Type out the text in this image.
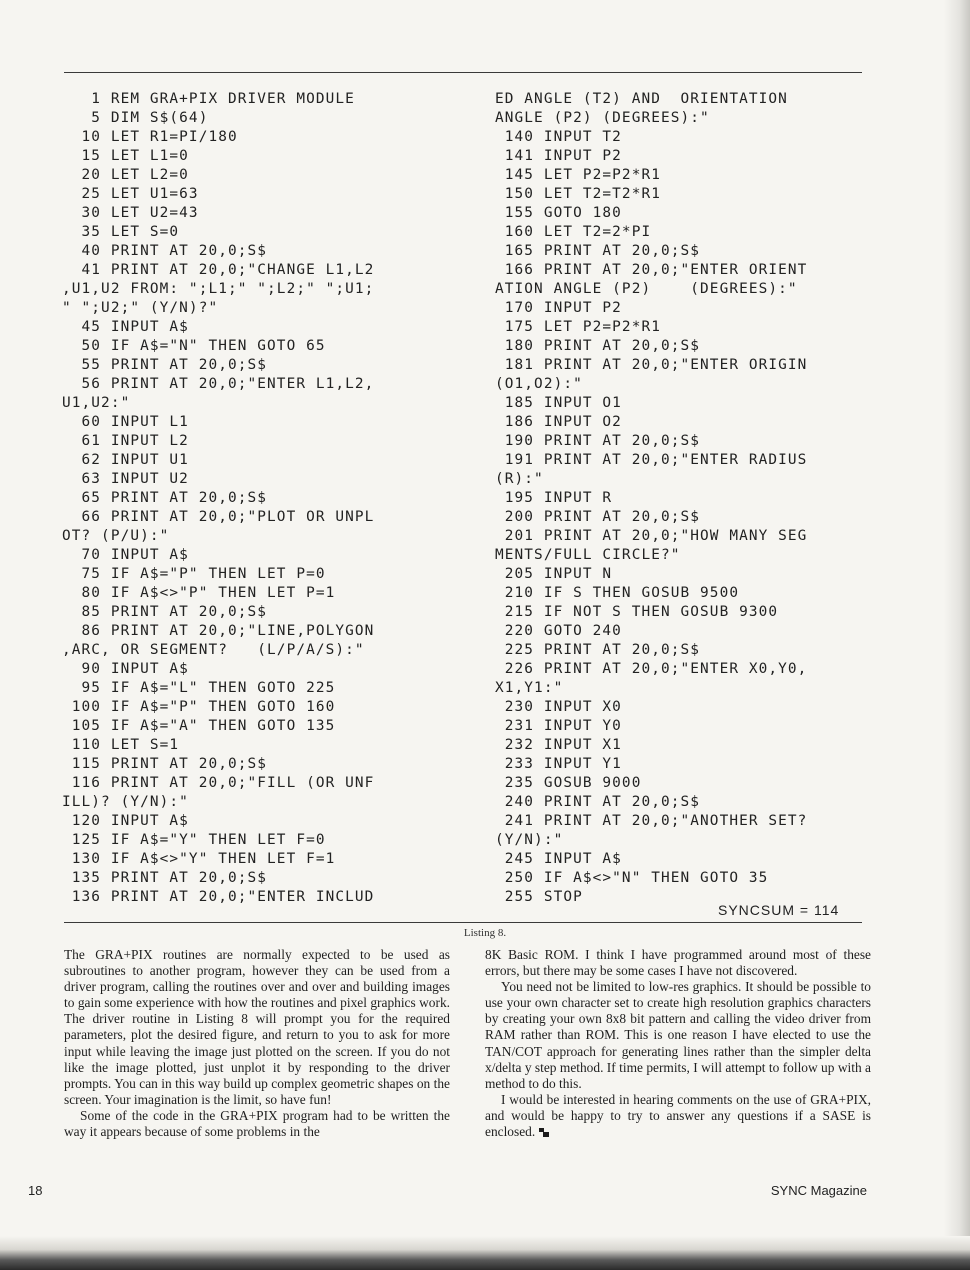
1 REM GRA+PIX DRIVER MODULE
5 DIM S$(64)
10 LET R1=PI/180
15 LET L1=0
20 LET L2=0
25 LET U1=63
30 LET U2=43
35 LET S=0
40 PRINT AT 20,0;S$
41 PRINT AT 20,0;"CHANGE L1,L2
,U1,U2 FROM: ";L1;" ";L2;" ";U1;
" ";U2;" (Y/N)?"
45 INPUT A$
50 IF A$="N" THEN GOTO 65
55 PRINT AT 20,0;S$
56 PRINT AT 20,0;"ENTER L1,L2,
U1,U2:"
60 INPUT L1
61 INPUT L2
62 INPUT U1
63 INPUT U2
65 PRINT AT 20,0;S$
66 PRINT AT 20,0;"PLOT OR UNPL
OT? (P/U):"
70 INPUT A$
75 IF A$="P" THEN LET P=0
80 IF A$<>"P" THEN LET P=1
85 PRINT AT 20,0;S$
86 PRINT AT 20,0;"LINE,POLYGON
,ARC, OR SEGMENT?   (L/P/A/S):"
90 INPUT A$
95 IF A$="L" THEN GOTO 225
100 IF A$="P" THEN GOTO 160
105 IF A$="A" THEN GOTO 135
110 LET S=1
115 PRINT AT 20,0;S$
116 PRINT AT 20,0;"FILL (OR UNF
ILL)? (Y/N):"
120 INPUT A$
125 IF A$="Y" THEN LET F=0
130 IF A$<>"Y" THEN LET F=1
135 PRINT AT 20,0;S$
136 PRINT AT 20,0;"ENTER INCLUD
ED ANGLE (T2) AND  ORIENTATION
ANGLE (P2) (DEGREES):"
140 INPUT T2
141 INPUT P2
145 LET P2=P2*R1
150 LET T2=T2*R1
155 GOTO 180
160 LET T2=2*PI
165 PRINT AT 20,0;S$
166 PRINT AT 20,0;"ENTER ORIENT
ATION ANGLE (P2)    (DEGREES):"
170 INPUT P2
175 LET P2=P2*R1
180 PRINT AT 20,0;S$
181 PRINT AT 20,0;"ENTER ORIGIN
(O1,O2):"
185 INPUT O1
186 INPUT O2
190 PRINT AT 20,0;S$
191 PRINT AT 20,0;"ENTER RADIUS
(R):"
195 INPUT R
200 PRINT AT 20,0;S$
201 PRINT AT 20,0;"HOW MANY SEG
MENTS/FULL CIRCLE?"
205 INPUT N
210 IF S THEN GOSUB 9500
215 IF NOT S THEN GOSUB 9300
220 GOTO 240
225 PRINT AT 20,0;S$
226 PRINT AT 20,0;"ENTER X0,Y0,
X1,Y1:"
230 INPUT X0
231 INPUT Y0
232 INPUT X1
233 INPUT Y1
235 GOSUB 9000
240 PRINT AT 20,0;S$
241 PRINT AT 20,0;"ANOTHER SET?
(Y/N):"
245 INPUT A$
250 IF A$<>"N" THEN GOTO 35
255 STOP
SYNCSUM = 114
Listing 8.

The GRA+PIX routines are normally expected to be used as subroutines to another program, however they can be used from a driver program, calling the routines over and over and building images to gain some experience with how the routines and pixel graphics work. The driver routine in Listing 8 will prompt you for the required parameters, plot the desired figure, and return to you to ask for more input while leaving the image just plotted on the screen. If you do not like the image plotted, just unplot it by responding to the driver prompts. You can in this way build up complex geometric shapes on the screen. Your imagination is the limit, so have fun!

Some of the code in the GRA+PIX program had to be written the way it appears because of some problems in the

8K Basic ROM. I think I have programmed around most of these errors, but there may be some cases I have not discovered.

You need not be limited to low-res graphics. It should be possible to use your own character set to create high resolution graphics characters by creating your own 8x8 bit pattern and calling the video driver from RAM rather than ROM. This is one reason I have elected to use the TAN/COT approach for generating lines rather than the simpler delta x/delta y step method. If time permits, I will attempt to follow up with a method to do this.

I would be interested in hearing comments on the use of GRA+PIX, and would be happy to try to answer any questions if a SASE is enclosed.

18	SYNC Magazine
